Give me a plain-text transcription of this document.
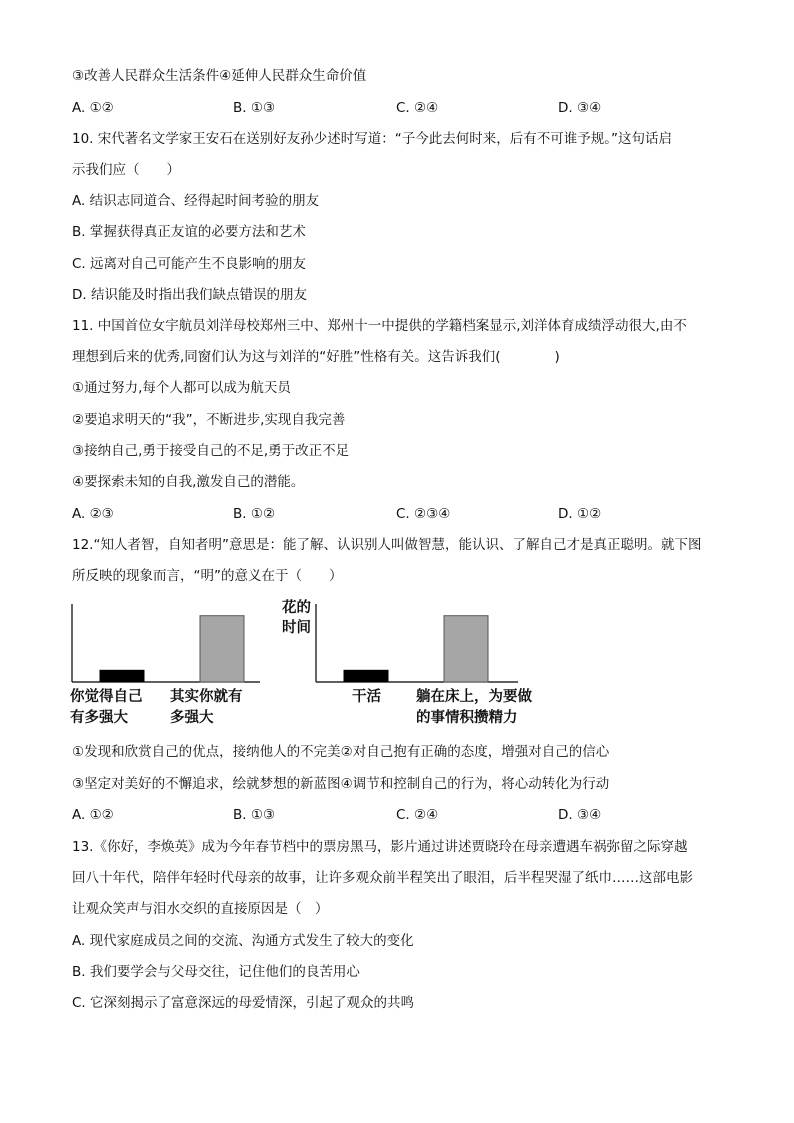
③改善人民群众生活条件④延伸人民群众生命价值
A. ①②	B. ①③	C. ②④	D. ③④
10. 宋代著名文学家王安石在送别好友孙少述时写道：“子今此去何时来，后有不可谁予规。”这句话启
示我们应（　　）
A. 结识志同道合、经得起时间考验的朋友
B. 掌握获得真正友谊的必要方法和艺术
C. 远离对自己可能产生不良影响的朋友
D. 结识能及时指出我们缺点错误的朋友
11. 中国首位女宇航员刘洋母校郑州三中、郑州十一中提供的学籍档案显示,刘洋体育成绩浮动很大,由不
理想到后来的优秀,同窗们认为这与刘洋的“好胜”性格有关。这告诉我们(　　　　)
①通过努力,每个人都可以成为航天员
②要追求明天的“我”，不断进步,实现自我完善
③接纳自己,勇于接受自己的不足,勇于改正不足
④要探索未知的自我,激发自己的潜能。
A. ②③	B. ①②	C. ②③④	D. ①②
12.“知人者智，自知者明”意思是：能了解、认识别人叫做智慧，能认识、了解自己才是真正聪明。就下图
所反映的现象而言，“明”的意义在于（　　）
你觉得自己
有多强大
其实你就有
多强大
花的
时间
干活 躺在床上，为要做
的事情积攒精力
①发现和欣赏自己的优点，接纳他人的不完美②对自己抱有正确的态度，增强对自己的信心
③坚定对美好的不懈追求，绘就梦想的新蓝图④调节和控制自己的行为，将心动转化为行动
A. ①②	B. ①③	C. ②④	D. ③④
13.《你好，李焕英》成为今年春节档中的票房黑马，影片通过讲述贾晓玲在母亲遭遇车祸弥留之际穿越
回八十年代，陪伴年轻时代母亲的故事，让许多观众前半程笑出了眼泪，后半程哭湿了纸巾……这部电影
让观众笑声与泪水交织的直接原因是（　）
A. 现代家庭成员之间的交流、沟通方式发生了较大的变化
B. 我们要学会与父母交往，记住他们的良苦用心
C. 它深刻揭示了富意深远的母爱情深，引起了观众的共鸣
